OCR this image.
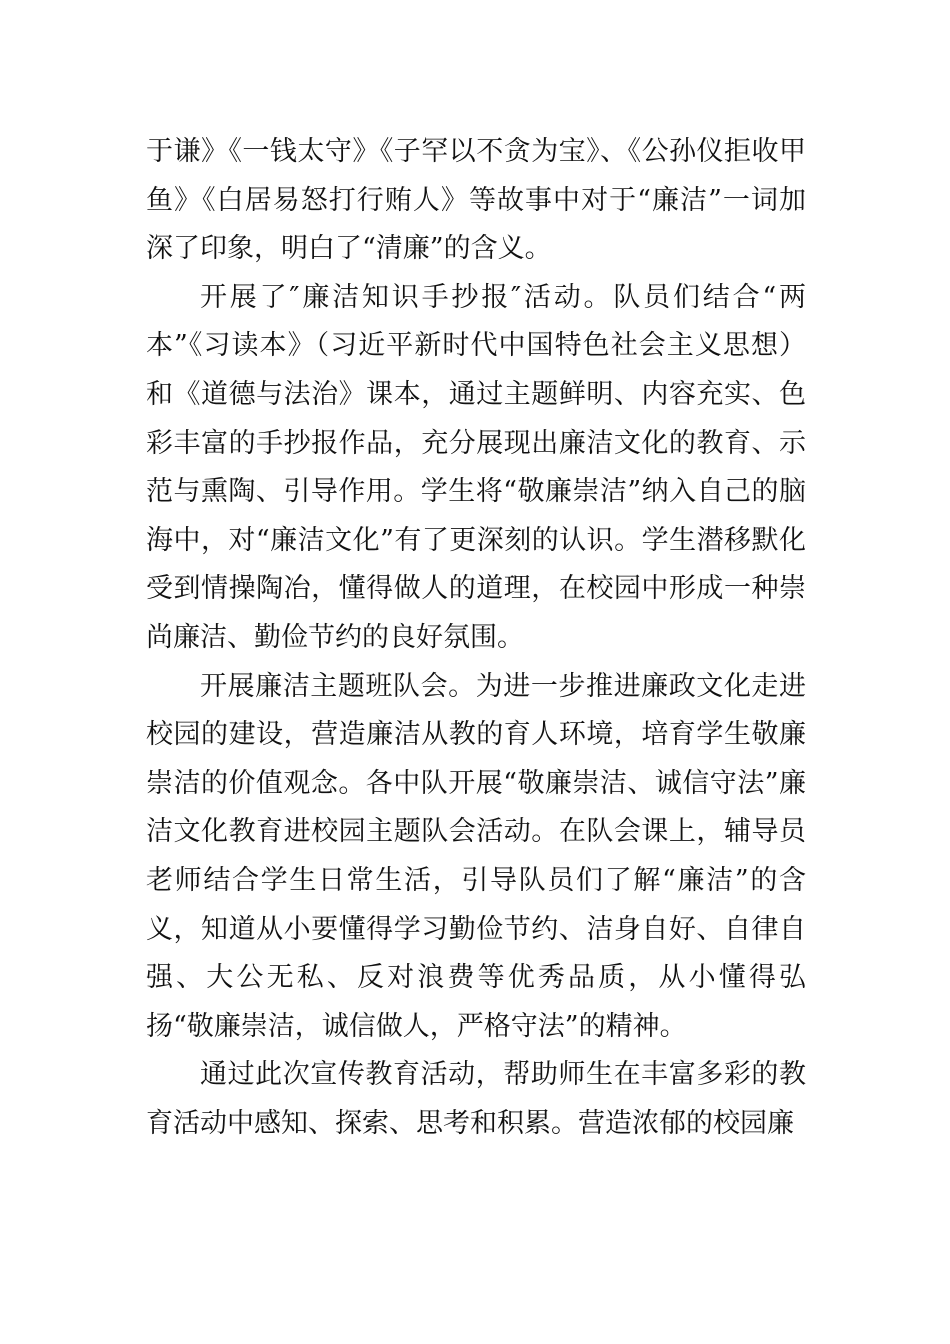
于谦》《一钱太守》《子罕以不贪为宝》、《公孙仪拒收甲鱼》《白居易怒打行贿人》等故事中对于“廉洁”一词加深了印象，明白了“清廉”的含义。

开展了″廉洁知识手抄报″活动。队员们结合“两本”《习读本》（习近平新时代中国特色社会主义思想）和《道德与法治》课本，通过主题鲜明、内容充实、色彩丰富的手抄报作品，充分展现出廉洁文化的教育、示范与熏陶、引导作用。学生将“敬廉崇洁”纳入自己的脑海中，对“廉洁文化”有了更深刻的认识。学生潜移默化受到情操陶冶，懂得做人的道理，在校园中形成一种崇尚廉洁、勤俭节约的良好氛围。

开展廉洁主题班队会。为进一步推进廉政文化走进校园的建设，营造廉洁从教的育人环境，培育学生敬廉崇洁的价值观念。各中队开展“敬廉崇洁、诚信守法”廉洁文化教育进校园主题队会活动。在队会课上，辅导员老师结合学生日常生活，引导队员们了解“廉洁”的含义，知道从小要懂得学习勤俭节约、洁身自好、自律自强、大公无私、反对浪费等优秀品质，从小懂得弘扬“敬廉崇洁，诚信做人，严格守法”的精神。

通过此次宣传教育活动，帮助师生在丰富多彩的教育活动中感知、探索、思考和积累。营造浓郁的校园廉
